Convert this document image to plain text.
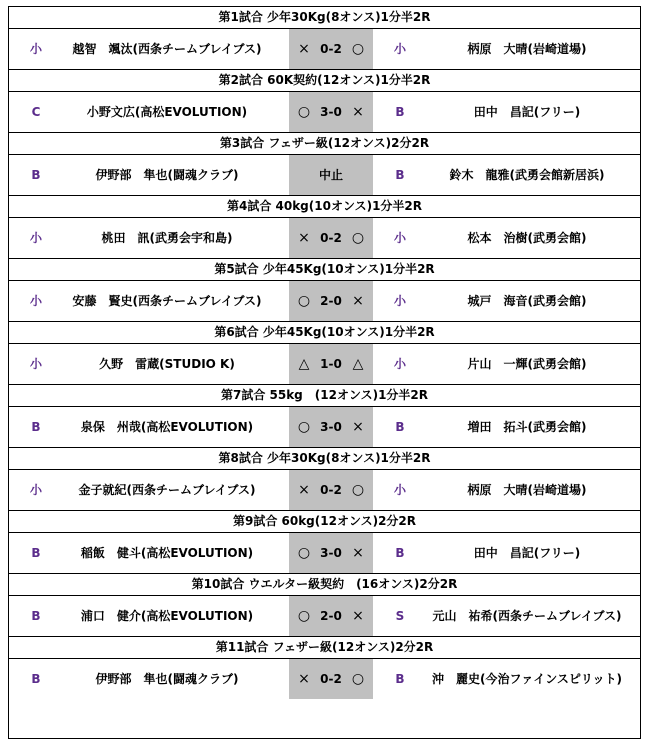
第1試合 少年30Kg(8オンス)1分半2R
小	越智　颯汰(西条チームブレイブス)	× 0-2 ○	小	柄原　大晴(岩崎道場)
第2試合 60K契約(12オンス)1分半2R
C	小野文広(高松EVOLUTION)	○ 3-0 ×	B	田中　昌記(フリー)
第3試合 フェザー級(12オンス)2分2R
B	伊野部　隼也(闘魂クラブ)	中止	B	鈴木　龍雅(武勇会館新居浜)
第4試合 40kg(10オンス)1分半2R
小	桃田　訊(武勇会宇和島)	× 0-2 ○	小	松本　治樹(武勇会館)
第5試合 少年45Kg(10オンス)1分半2R
小	安藤　賢史(西条チームブレイブス)	○ 2-0 ×	小	城戸　海音(武勇会館)
第6試合 少年45Kg(10オンス)1分半2R
小	久野　雷蔵(STUDIO K)	△ 1-0 △	小	片山　一輝(武勇会館)
第7試合 55kg　(12オンス)1分半2R
B	泉保　州哉(高松EVOLUTION)	○ 3-0 ×	B	増田　拓斗(武勇会館)
第8試合 少年30Kg(8オンス)1分半2R
小	金子就紀(西条チームブレイブス)	× 0-2 ○	小	柄原　大晴(岩崎道場)
第9試合 60kg(12オンス)2分2R
B	稲飯　健斗(高松EVOLUTION)	○ 3-0 ×	B	田中　昌記(フリー)
第10試合 ウエルター級契約　(16オンス)2分2R
B	浦口　健介(高松EVOLUTION)	○ 2-0 ×	S	元山　祐希(西条チームブレイブス)
第11試合 フェザー級(12オンス)2分2R
B	伊野部　隼也(闘魂クラブ)	× 0-2 ○	B	沖　麗史(今治ファインスピリット)
